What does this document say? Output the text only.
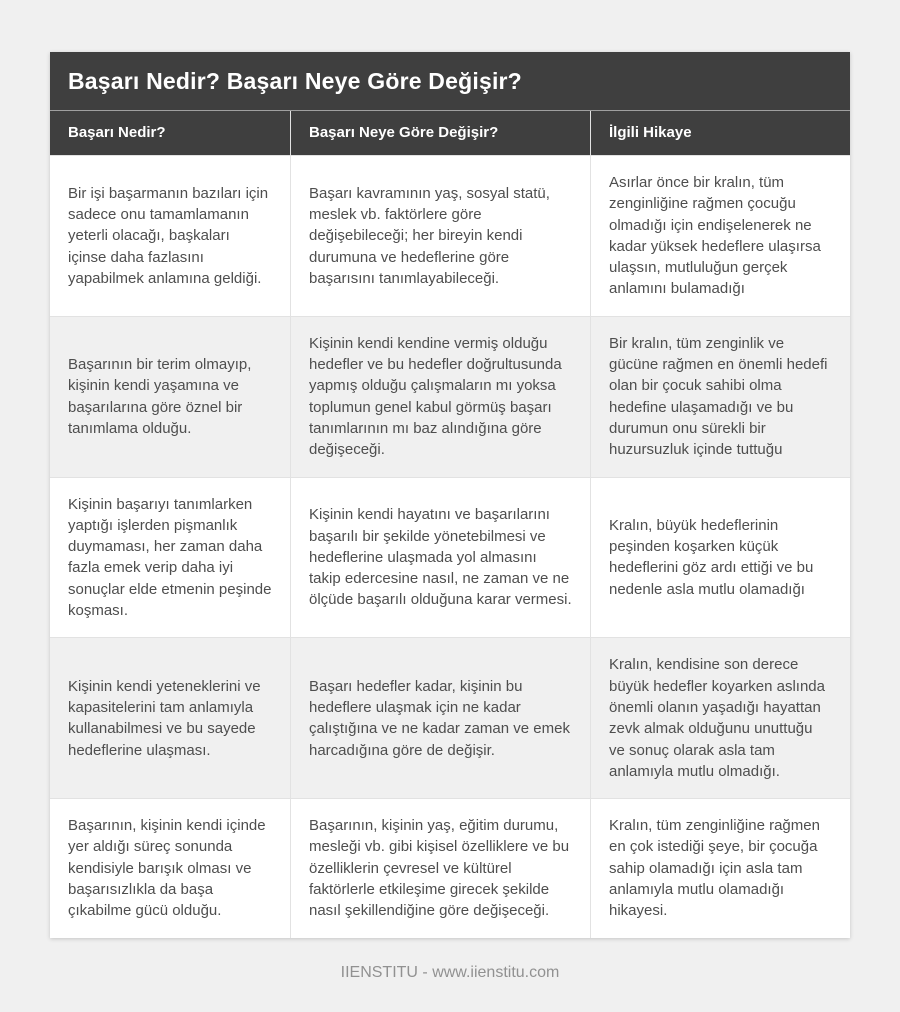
Başarı Nedir? Başarı Neye Göre Değişir?
Başarı Nedir?	Başarı Neye Göre Değişir?	İlgili Hikaye
Bir işi başarmanın bazıları için sadece onu tamamlamanın yeterli olacağı, başkaları içinse daha fazlasını yapabilmek anlamına geldiği.
Başarı kavramının yaş, sosyal statü, meslek vb. faktörlere göre değişebileceği; her bireyin kendi durumuna ve hedeflerine göre başarısını tanımlayabileceği.
Asırlar önce bir kralın, tüm zenginliğine rağmen çocuğu olmadığı için endişelenerek ne kadar yüksek hedeflere ulaşırsa ulaşsın, mutluluğun gerçek anlamını bulamadığı
Başarının bir terim olmayıp, kişinin kendi yaşamına ve başarılarına göre öznel bir tanımlama olduğu.
Kişinin kendi kendine vermiş olduğu hedefler ve bu hedefler doğrultusunda yapmış olduğu çalışmaların mı yoksa toplumun genel kabul görmüş başarı tanımlarının mı baz alındığına göre değişeceği.
Bir kralın, tüm zenginlik ve gücüne rağmen en önemli hedefi olan bir çocuk sahibi olma hedefine ulaşamadığı ve bu durumun onu sürekli bir huzursuzluk içinde tuttuğu
Kişinin başarıyı tanımlarken yaptığı işlerden pişmanlık duymaması, her zaman daha fazla emek verip daha iyi sonuçlar elde etmenin peşinde koşması.
Kişinin kendi hayatını ve başarılarını başarılı bir şekilde yönetebilmesi ve hedeflerine ulaşmada yol almasını takip edercesine nasıl, ne zaman ve ne ölçüde başarılı olduğuna karar vermesi.
Kralın, büyük hedeflerinin peşinden koşarken küçük hedeflerini göz ardı ettiği ve bu nedenle asla mutlu olamadığı
Kişinin kendi yeteneklerini ve kapasitelerini tam anlamıyla kullanabilmesi ve bu sayede hedeflerine ulaşması.
Başarı hedefler kadar, kişinin bu hedeflere ulaşmak için ne kadar çalıştığına ve ne kadar zaman ve emek harcadığına göre de değişir.
Kralın, kendisine son derece büyük hedefler koyarken aslında önemli olanın yaşadığı hayattan zevk almak olduğunu unuttuğu ve sonuç olarak asla tam anlamıyla mutlu olmadığı.
Başarının, kişinin kendi içinde yer aldığı süreç sonunda kendisiyle barışık olması ve başarısızlıkla da başa çıkabilme gücü olduğu.
Başarının, kişinin yaş, eğitim durumu, mesleği vb. gibi kişisel özelliklere ve bu özelliklerin çevresel ve kültürel faktörlerle etkileşime girecek şekilde nasıl şekillendiğine göre değişeceği.
Kralın, tüm zenginliğine rağmen en çok istediği şeye, bir çocuğa sahip olamadığı için asla tam anlamıyla mutlu olamadığı hikayesi.
IIENSTITU - www.iienstitu.com
